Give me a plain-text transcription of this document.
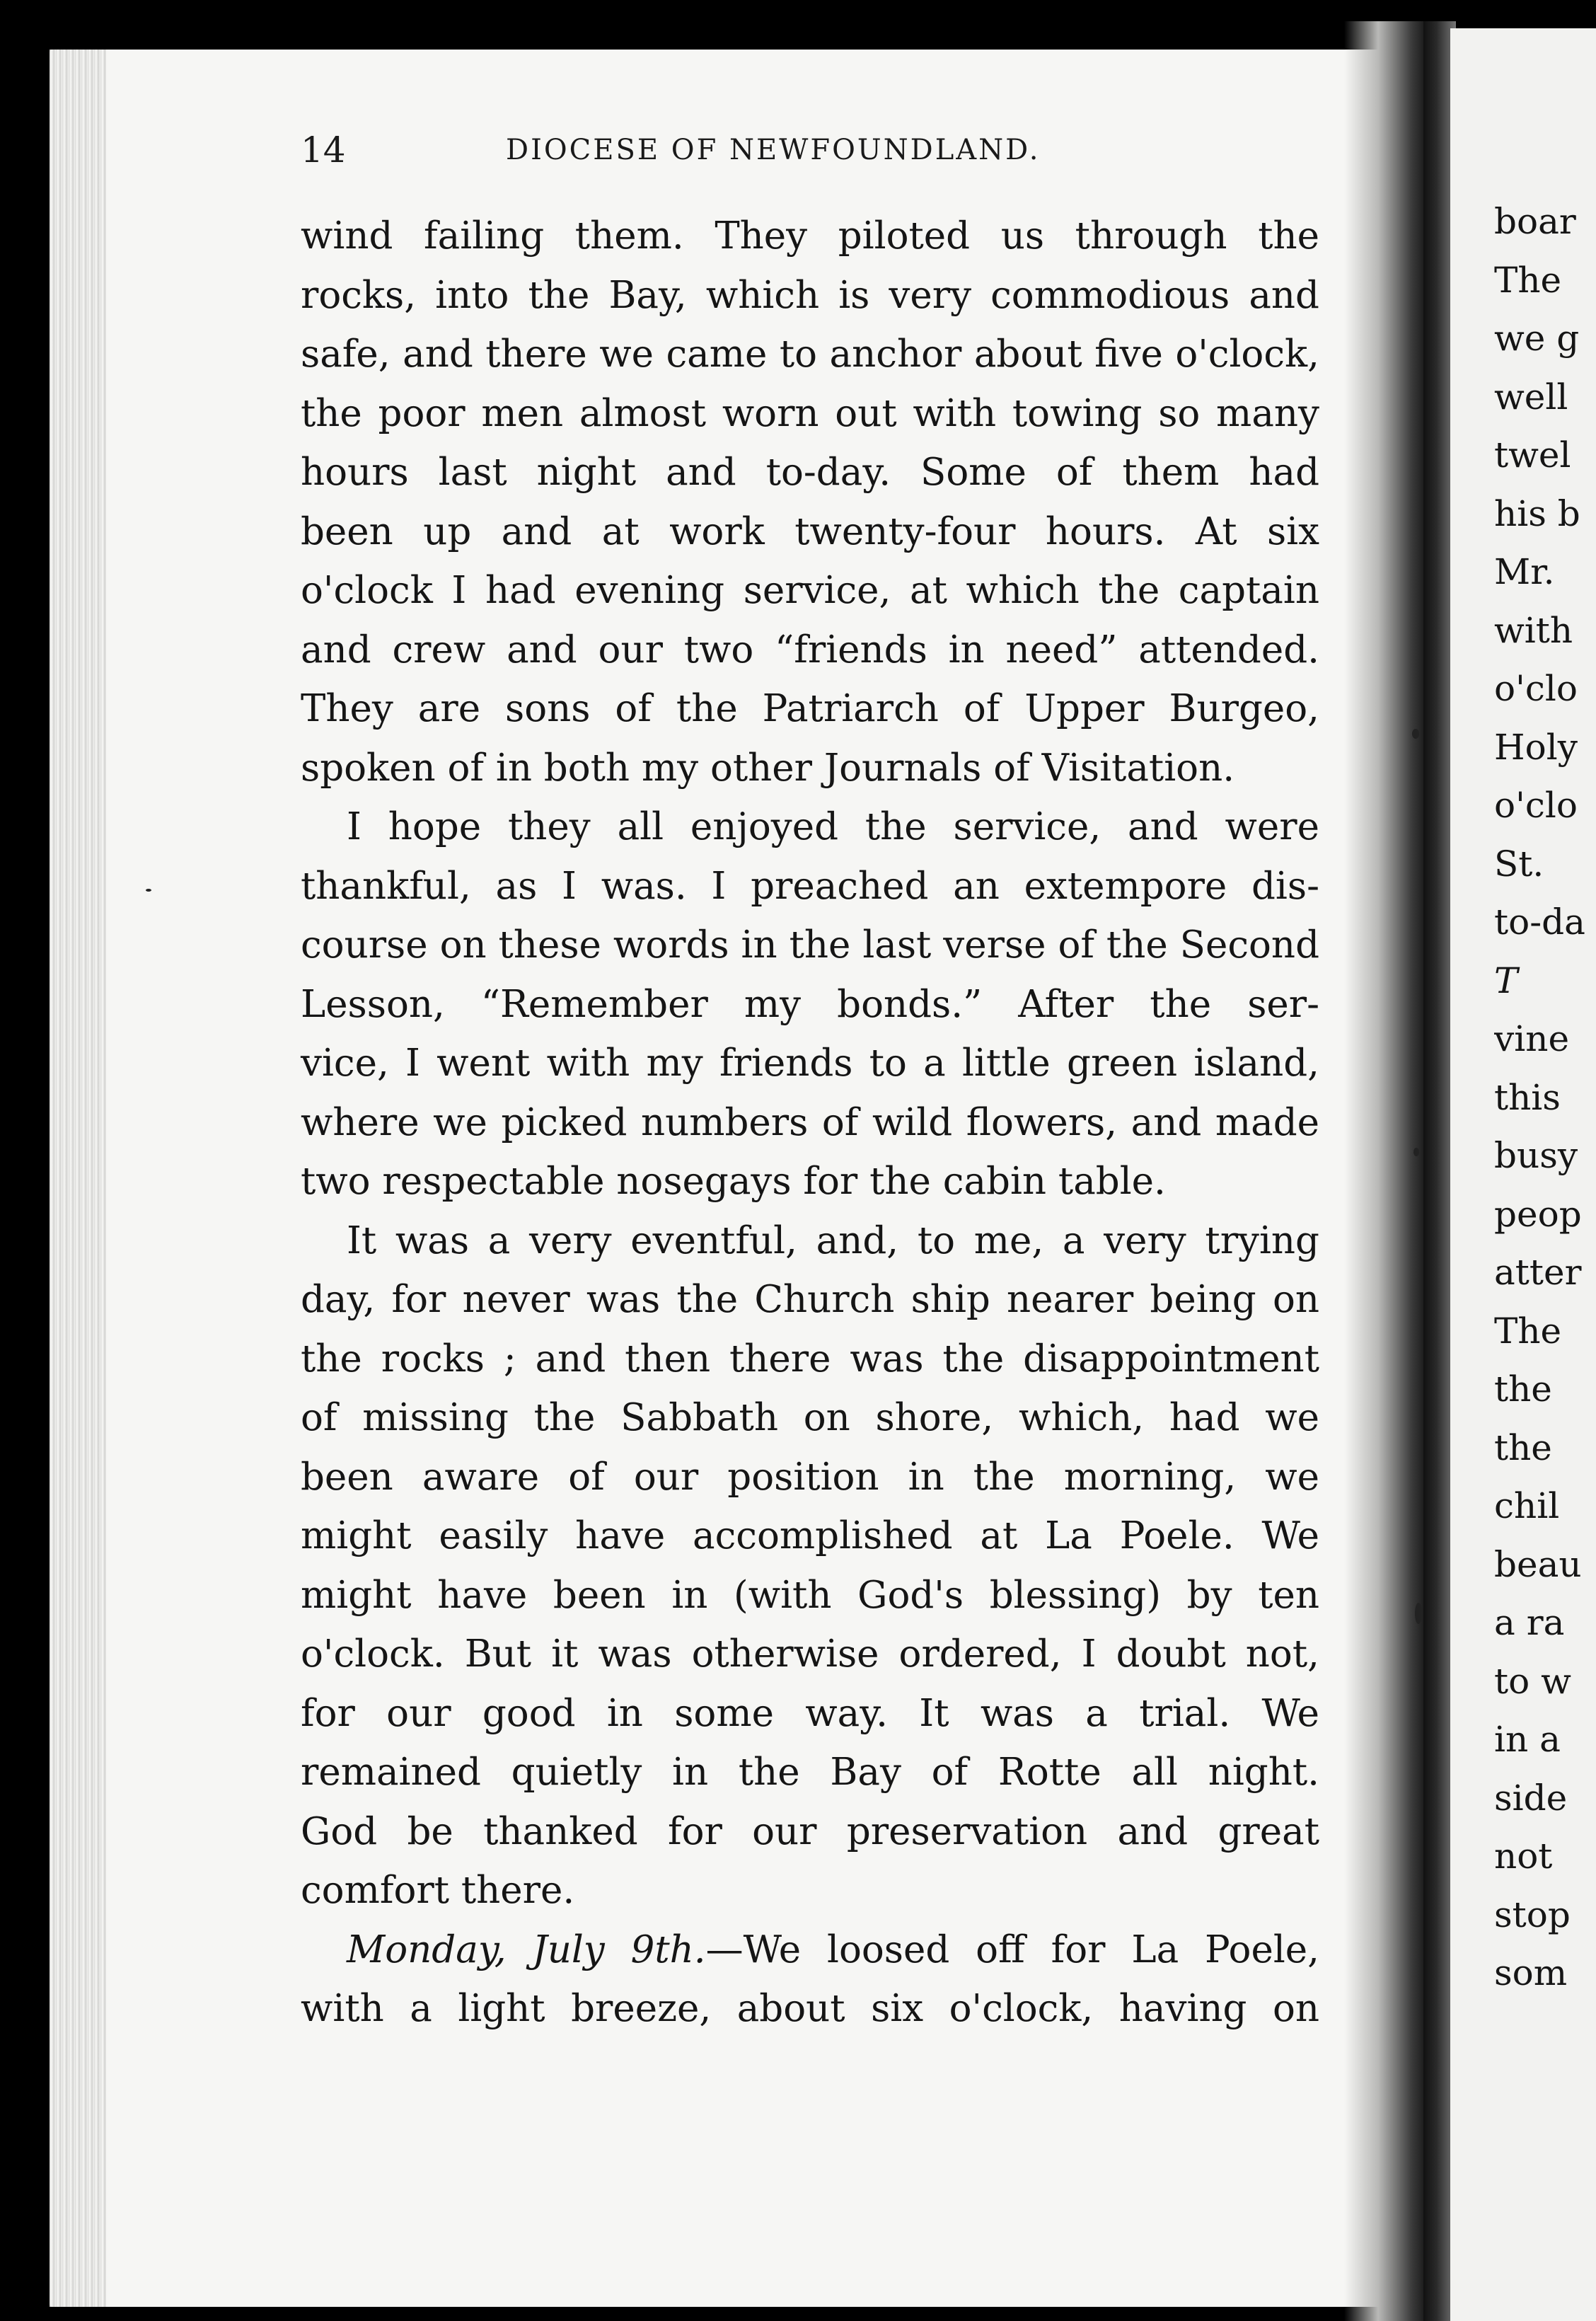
14	DIOCESE OF NEWFOUNDLAND.
wind failing them. They piloted us through the
rocks, into the Bay, which is very commodious and
safe, and there we came to anchor about five o'clock,
the poor men almost worn out with towing so many
hours last night and to-day. Some of them had
been up and at work twenty-four hours. At six
o'clock I had evening service, at which the captain
and crew and our two “friends in need” attended.
They are sons of the Patriarch of Upper Burgeo,
spoken of in both my other Journals of Visitation.
I hope they all enjoyed the service, and were
thankful, as I was. I preached an extempore dis-
course on these words in the last verse of the Second
Lesson, “Remember my bonds.” After the ser-
vice, I went with my friends to a little green island,
where we picked numbers of wild flowers, and made
two respectable nosegays for the cabin table.
It was a very eventful, and, to me, a very trying
day, for never was the Church ship nearer being on
the rocks ; and then there was the disappointment
of missing the Sabbath on shore, which, had we
been aware of our position in the morning, we
might easily have accomplished at La Poele. We
might have been in (with God's blessing) by ten
o'clock. But it was otherwise ordered, I doubt not,
for our good in some way. It was a trial. We
remained quietly in the Bay of Rotte all night.
God be thanked for our preservation and great
comfort there.
Monday, July 9th.—We loosed off for La Poele,
with a light breeze, about six o'clock, having on
boar
The
we g
well
twel
his b
Mr.
with
o'clo
Holy
o'clo
St.
to-da
T
vine
this
busy
peop
atter
The
the
the
chil
beau
a ra
to w
in a
side
not
stop
som
